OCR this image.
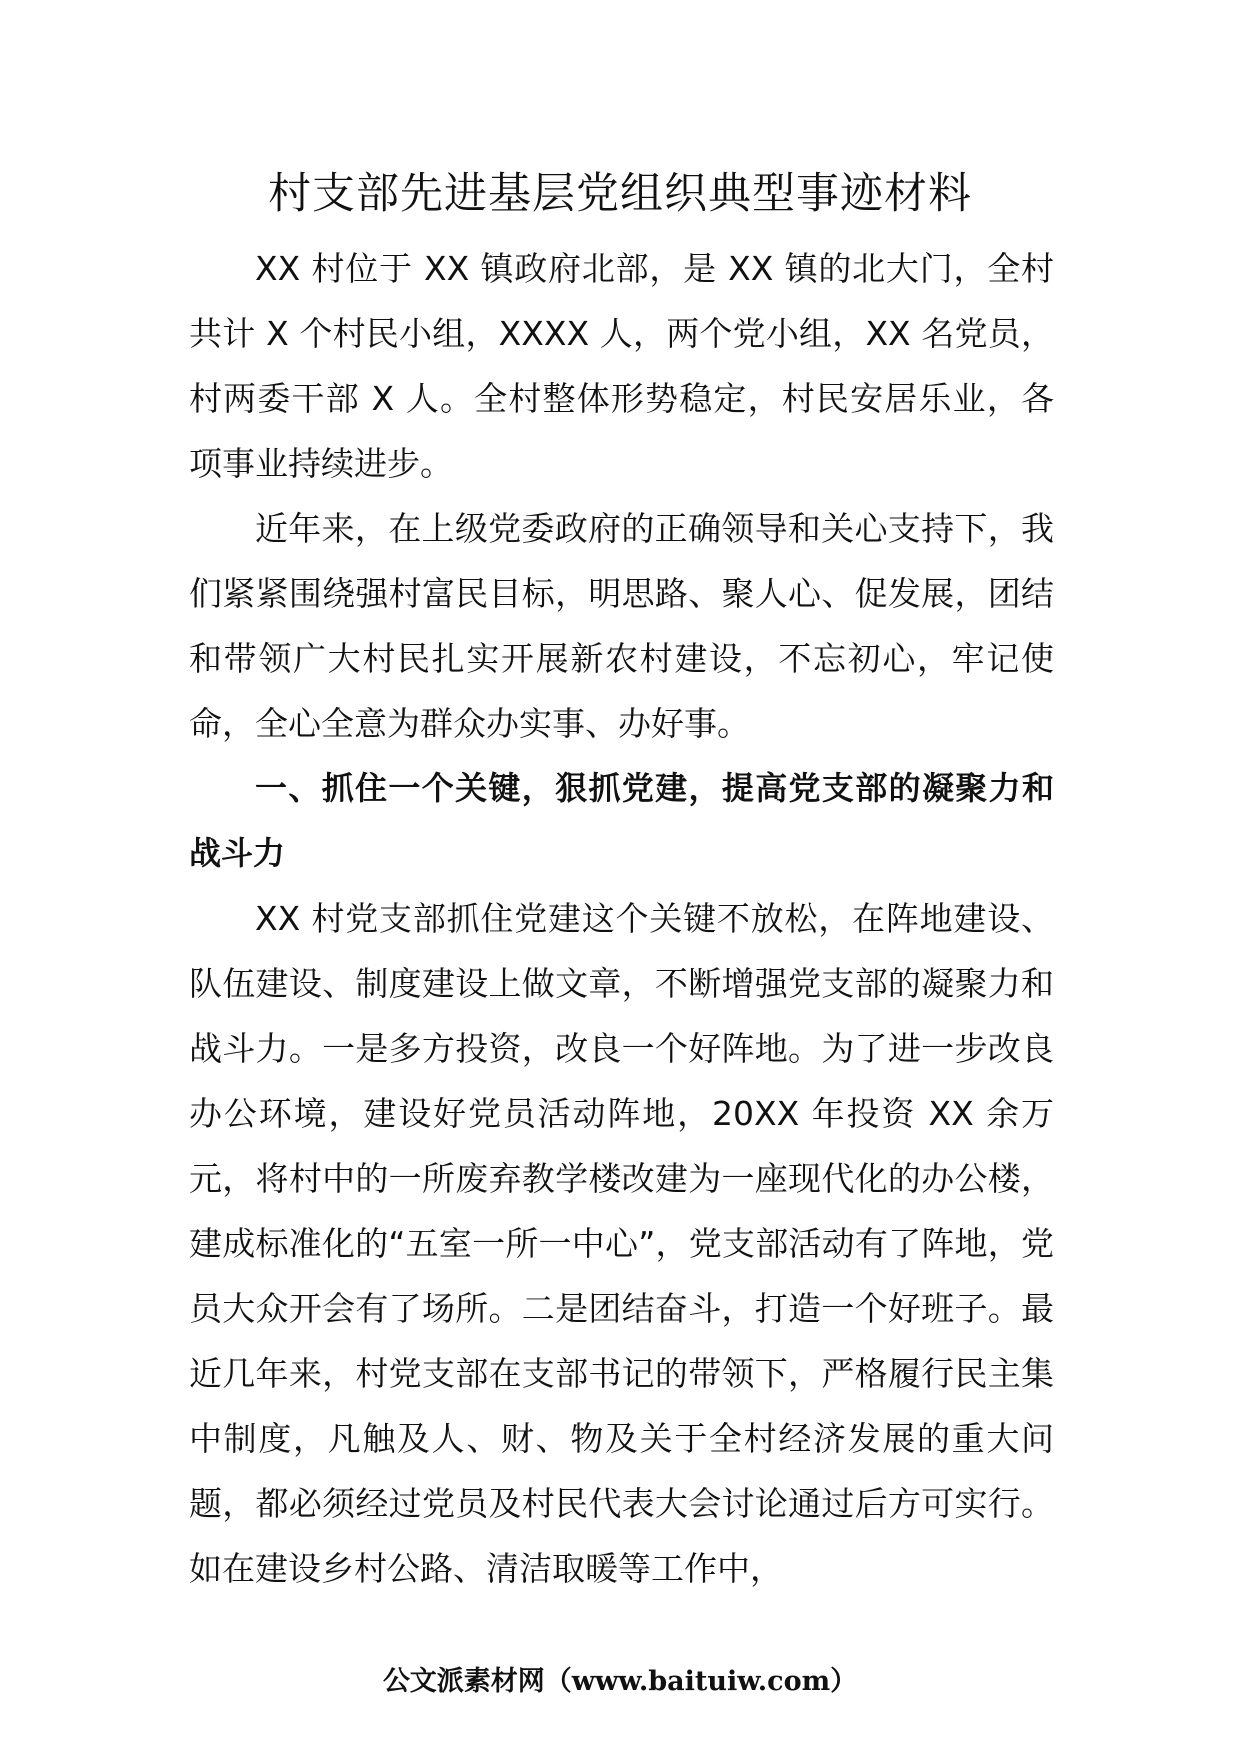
村支部先进基层党组织典型事迹材料

XX 村位于 XX 镇政府北部，是 XX 镇的北大门，全村共计 X 个村民小组，XXXX 人，两个党小组，XX 名党员，村两委干部 X 人。全村整体形势稳定，村民安居乐业，各项事业持续进步。

近年来，在上级党委政府的正确领导和关心支持下，我们紧紧围绕强村富民目标，明思路、聚人心、促发展，团结和带领广大村民扎实开展新农村建设，不忘初心，牢记使命，全心全意为群众办实事、办好事。

一、抓住一个关键，狠抓党建，提高党支部的凝聚力和战斗力

XX 村党支部抓住党建这个关键不放松，在阵地建设、队伍建设、制度建设上做文章，不断增强党支部的凝聚力和战斗力。一是多方投资，改良一个好阵地。为了进一步改良办公环境，建设好党员活动阵地，20XX 年投资 XX 余万元，将村中的一所废弃教学楼改建为一座现代化的办公楼，建成标准化的“五室一所一中心”，党支部活动有了阵地，党员大众开会有了场所。二是团结奋斗，打造一个好班子。最近几年来，村党支部在支部书记的带领下，严格履行民主集中制度，凡触及人、财、物及关于全村经济发展的重大问题，都必须经过党员及村民代表大会讨论通过后方可实行。如在建设乡村公路、清洁取暖等工作中，

公文派素材网（www.baituiw.com）
